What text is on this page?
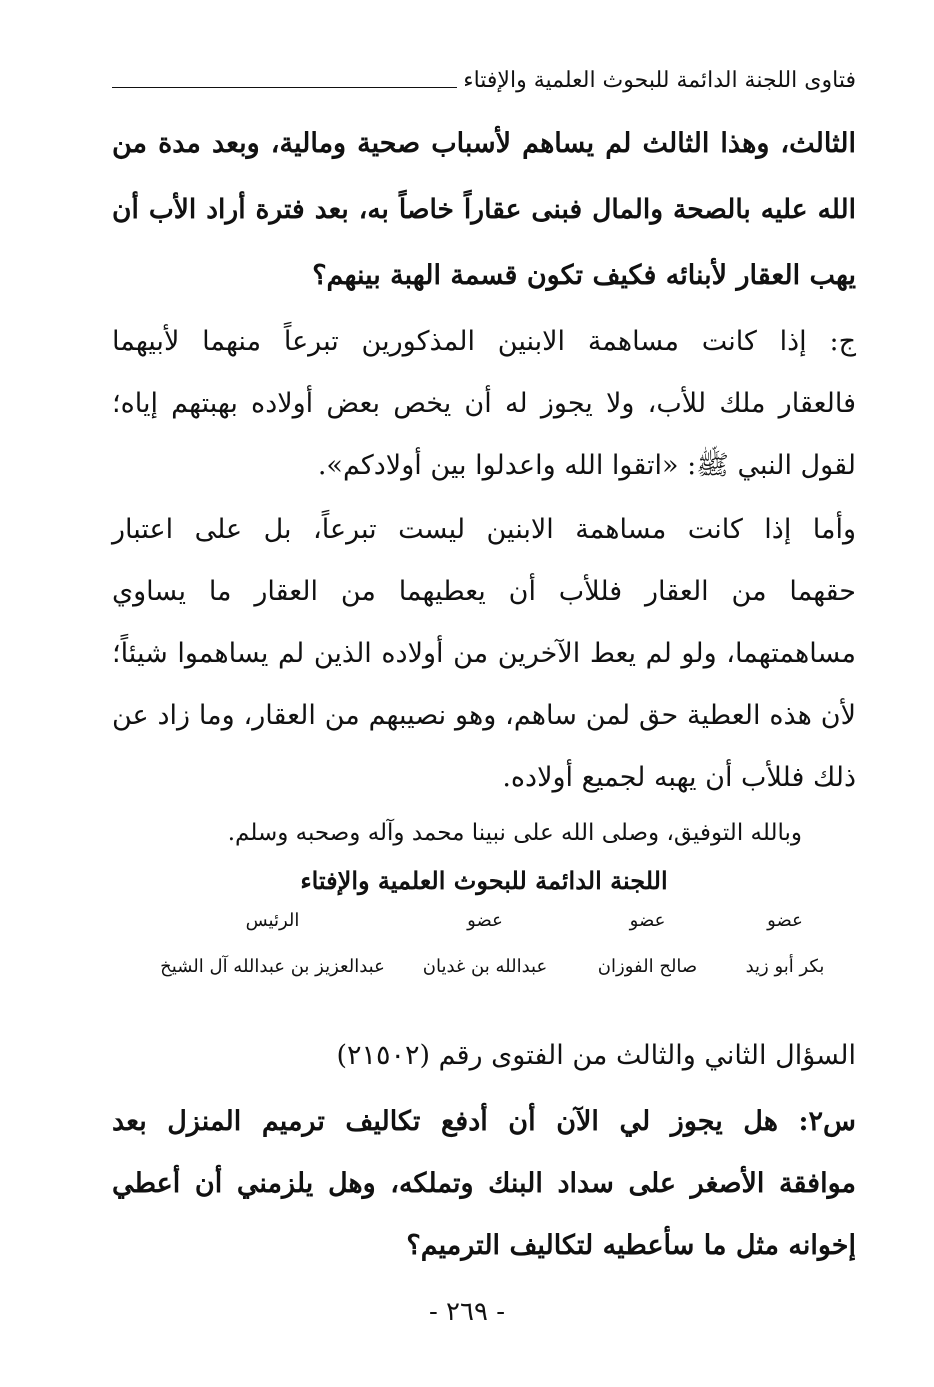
فتاوى اللجنة الدائمة للبحوث العلمية والإفتاء
الثالث، وهذا الثالث لم يساهم لأسباب صحية ومالية، وبعد مدة من
الله عليه بالصحة والمال فبنى عقاراً خاصاً به، بعد فترة أراد الأب أن
يهب العقار لأبنائه فكيف تكون قسمة الهبة بينهم؟
ج: إذا كانت مساهمة الابنين المذكورين تبرعاً منهما لأبيهما
فالعقار ملك للأب، ولا يجوز له أن يخص بعض أولاده بهبتهم إياه؛
لقول النبي ﷺ: «اتقوا الله واعدلوا بين أولادكم».
وأما إذا كانت مساهمة الابنين ليست تبرعاً، بل على اعتبار
حقهما من العقار فللأب أن يعطيهما من العقار ما يساوي
مساهمتهما، ولو لم يعط الآخرين من أولاده الذين لم يساهموا شيئاً؛
لأن هذه العطية حق لمن ساهم، وهو نصيبهم من العقار، وما زاد عن
ذلك فللأب أن يهبه لجميع أولاده.
وبالله التوفيق، وصلى الله على نبينا محمد وآله وصحبه وسلم.
اللجنة الدائمة للبحوث العلمية والإفتاء
عضو
عضو
عضو
الرئيس
بكر أبو زيد
صالح الفوزان
عبدالله بن غديان
عبدالعزيز بن عبدالله آل الشيخ
السؤال الثاني والثالث من الفتوى رقم (٢١٥٠٢)
س٢: هل يجوز لي الآن أن أدفع تكاليف ترميم المنزل بعد
موافقة الأصغر على سداد البنك وتملكه، وهل يلزمني أن أعطي
إخوانه مثل ما سأعطيه لتكاليف الترميم؟
- ٢٦٩ -
